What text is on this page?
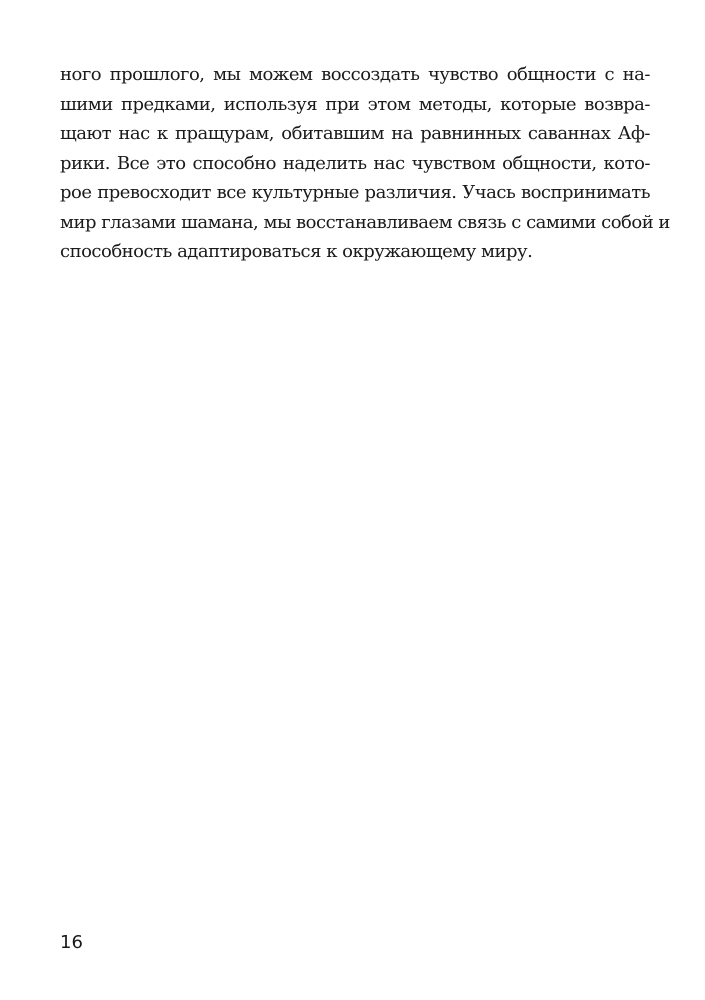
ного прошлого, мы можем воссоздать чувство общности с на-
шими предками, используя при этом методы, которые возвра-
щают нас к пращурам, обитавшим на равнинных саваннах Аф-
рики. Все это способно наделить нас чувством общности, кото-
рое превосходит все культурные различия. Учась воспринимать
мир глазами шамана, мы восстанавливаем связь с самими собой и
способность адаптироваться к окружающему миру.
16
